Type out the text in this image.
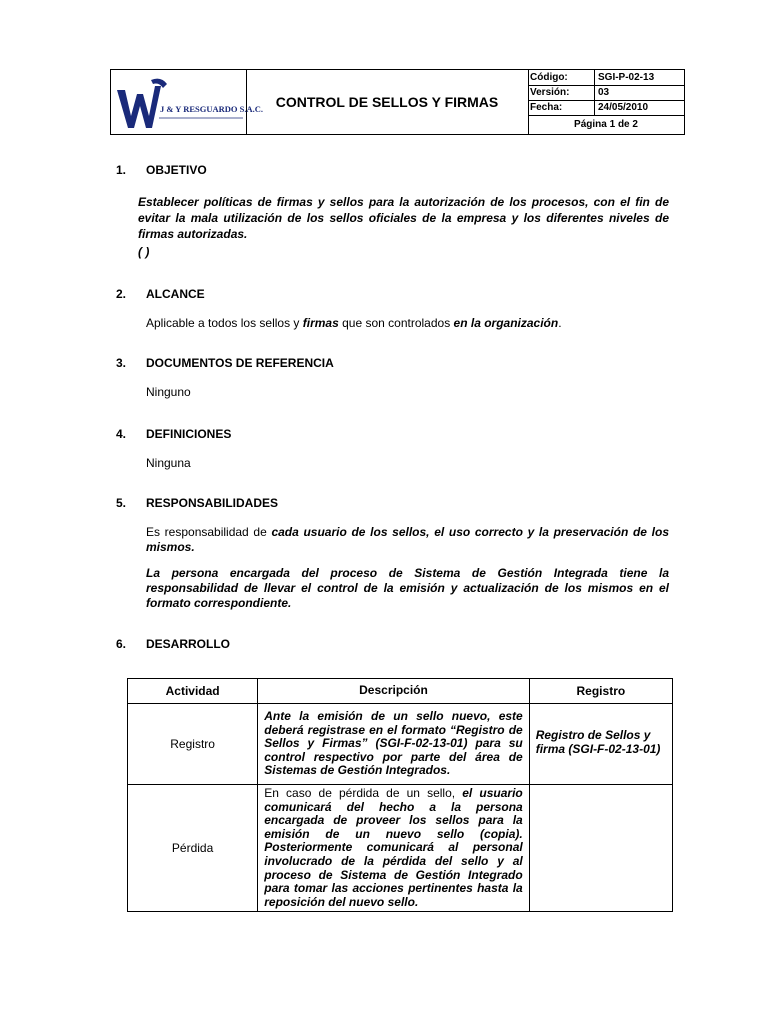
J & Y RESGUARDO S.A.C. CONTROL DE SELLOS Y FIRMAS
Código:	SGI-P-02-13
Versión:	03
Fecha:	24/05/2010
Página 1 de 2
1. OBJETIVO
Establecer políticas de firmas y sellos para la autorización de los procesos, con el fin de evitar la mala utilización de los sellos oficiales de la empresa y los diferentes niveles de firmas autorizadas.
( )
2. ALCANCE
Aplicable a todos los sellos y firmas que son controlados en la organización.
3. DOCUMENTOS DE REFERENCIA
Ninguno
4. DEFINICIONES
Ninguna
5. RESPONSABILIDADES
Es responsabilidad de cada usuario de los sellos, el uso correcto y la preservación de los mismos.
La persona encargada del proceso de Sistema de Gestión Integrada tiene la responsabilidad de llevar el control de la emisión y actualización de los mismos en el formato correspondiente.
6. DESARROLLO
Actividad	Descripción	Registro
Registro	Ante la emisión de un sello nuevo, este deberá registrase en el formato “Registro de Sellos y Firmas” (SGI-F-02-13-01) para su control respectivo por parte del área de Sistemas de Gestión Integrados.	Registro de Sellos y firma (SGI-F-02-13-01)
Pérdida	En caso de pérdida de un sello, el usuario comunicará del hecho a la persona encargada de proveer los sellos para la emisión de un nuevo sello (copia). Posteriormente comunicará al personal involucrado de la pérdida del sello y al proceso de Sistema de Gestión Integrado para tomar las acciones pertinentes hasta la reposición del nuevo sello.	
